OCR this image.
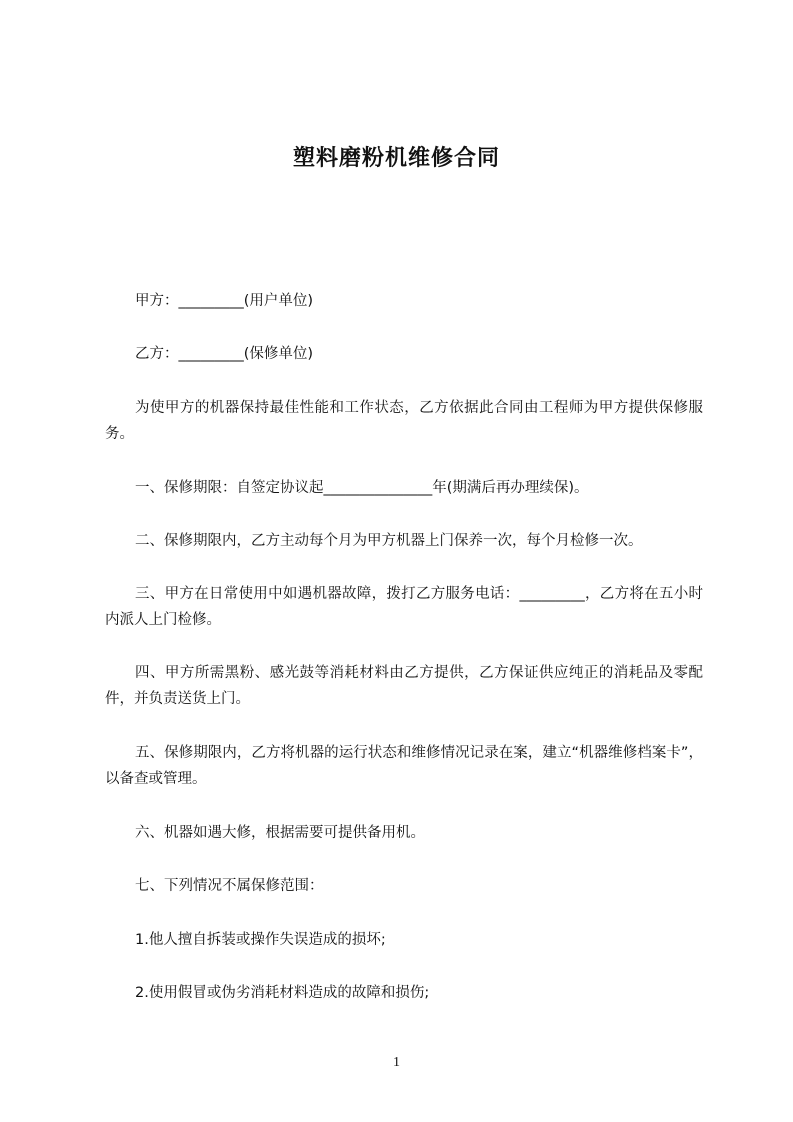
塑料磨粉机维修合同
甲方：_________(用户单位)
乙方：_________(保修单位)
为使甲方的机器保持最佳性能和工作状态，乙方依据此合同由工程师为甲方提供保修服务。
一、保修期限：自签定协议起_______________年(期满后再办理续保)。
二、保修期限内，乙方主动每个月为甲方机器上门保养一次，每个月检修一次。
三、甲方在日常使用中如遇机器故障，拨打乙方服务电话：_________，乙方将在五小时内派人上门检修。
四、甲方所需黑粉、感光鼓等消耗材料由乙方提供，乙方保证供应纯正的消耗品及零配件，并负责送货上门。
五、保修期限内，乙方将机器的运行状态和维修情况记录在案，建立“机器维修档案卡”，以备查或管理。
六、机器如遇大修，根据需要可提供备用机。
七、下列情况不属保修范围：
1.他人擅自拆装或操作失误造成的损坏;
2.使用假冒或伪劣消耗材料造成的故障和损伤;
1
